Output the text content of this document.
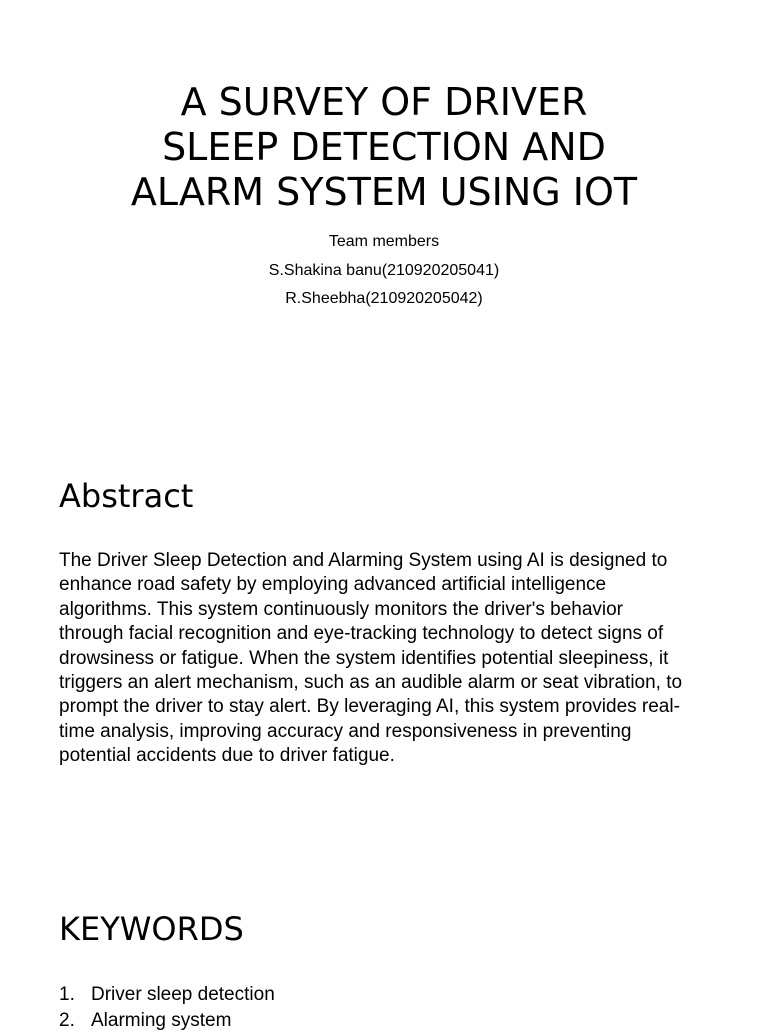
A SURVEY OF DRIVER
SLEEP DETECTION AND
ALARM SYSTEM USING IOT
Team members
S.Shakina banu(210920205041)
R.Sheebha(210920205042)
Abstract

The Driver Sleep Detection and Alarming System using AI is designed to
enhance road safety by employing advanced artificial intelligence
algorithms. This system continuously monitors the driver's behavior
through facial recognition and eye-tracking technology to detect signs of
drowsiness or fatigue. When the system identifies potential sleepiness, it
triggers an alert mechanism, such as an audible alarm or seat vibration, to
prompt the driver to stay alert. By leveraging AI, this system provides real-
time analysis, improving accuracy and responsiveness in preventing
potential accidents due to driver fatigue.

KEYWORDS
1. Driver sleep detection
2. Alarming system
